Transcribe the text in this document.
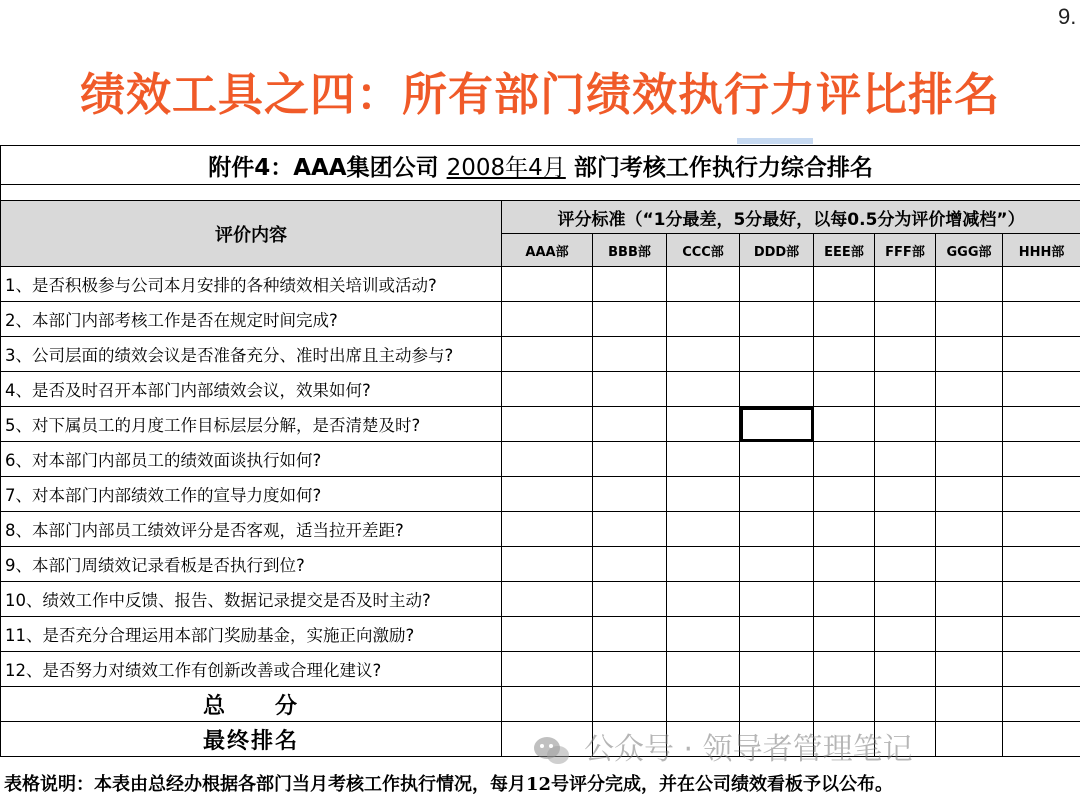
9.
绩效工具之四：所有部门绩效执行力评比排名
附件4：AAA集团公司 2008年4月 部门考核工作执行力综合排名								

评价内容	评分标准（“1分最差，5分最好，以每0.5分为评价增减档”）							
	AAA部	BBB部	CCC部	DDD部	EEE部	FFF部	GGG部	HHH部
1、是否积极参与公司本月安排的各种绩效相关培训或活动?								
2、本部门内部考核工作是否在规定时间完成?								
3、公司层面的绩效会议是否准备充分、准时出席且主动参与?								
4、是否及时召开本部门内部绩效会议，效果如何?								
5、对下属员工的月度工作目标层层分解，是否清楚及时?								
6、对本部门内部员工的绩效面谈执行如何?								
7、对本部门内部绩效工作的宣导力度如何?								
8、本部门内部员工绩效评分是否客观，适当拉开差距?								
9、本部门周绩效记录看板是否执行到位?								
10、绩效工作中反馈、报告、数据记录提交是否及时主动?								
11、是否充分合理运用本部门奖励基金，实施正向激励?								
12、是否努力对绩效工作有创新改善或合理化建议?								
总　　分								
最终排名									公众号 · 领导者管理笔记
表格说明：本表由总经办根据各部门当月考核工作执行情况，每月12号评分完成，并在公司绩效看板予以公布。
